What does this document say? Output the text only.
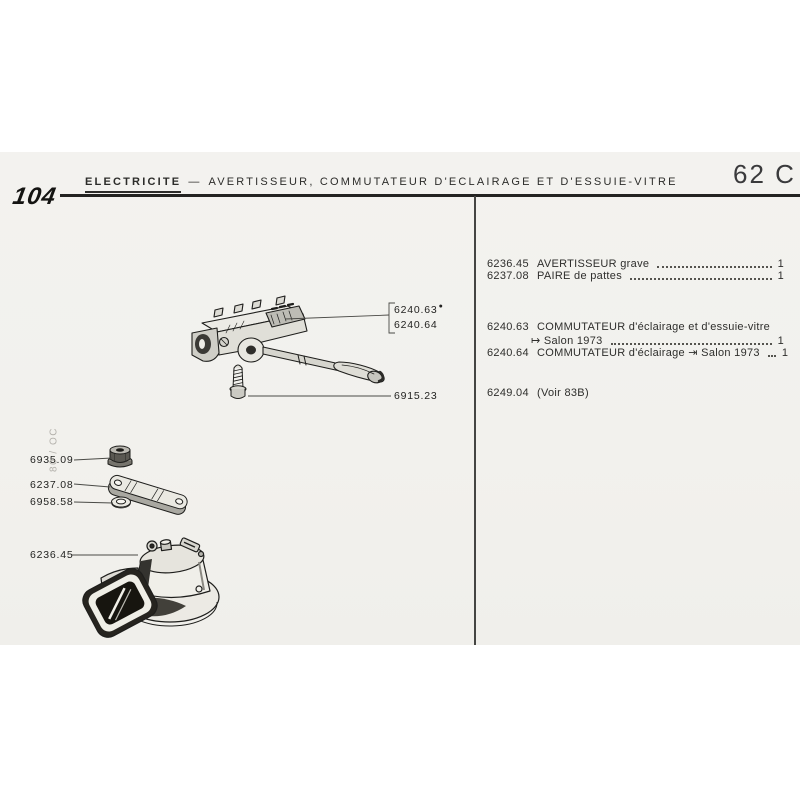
104
ELECTRICITE — AVERTISSEUR, COMMUTATEUR D'ECLAIRAGE ET D'ESSUIE-VITRE 62 C
6240.63●
6240.64
6915.23
6935.09
6237.08
6958.58
6236.45
80 / OC
6236.45 AVERTISSEUR grave	1
6237.08 PAIRE de pattes	1
6240.63 COMMUTATEUR d'éclairage et d'essuie-vitre
↦ Salon 1973	1
6240.64 COMMUTATEUR d'éclairage ⇥ Salon 1973 1
6249.04 (Voir 83B)
